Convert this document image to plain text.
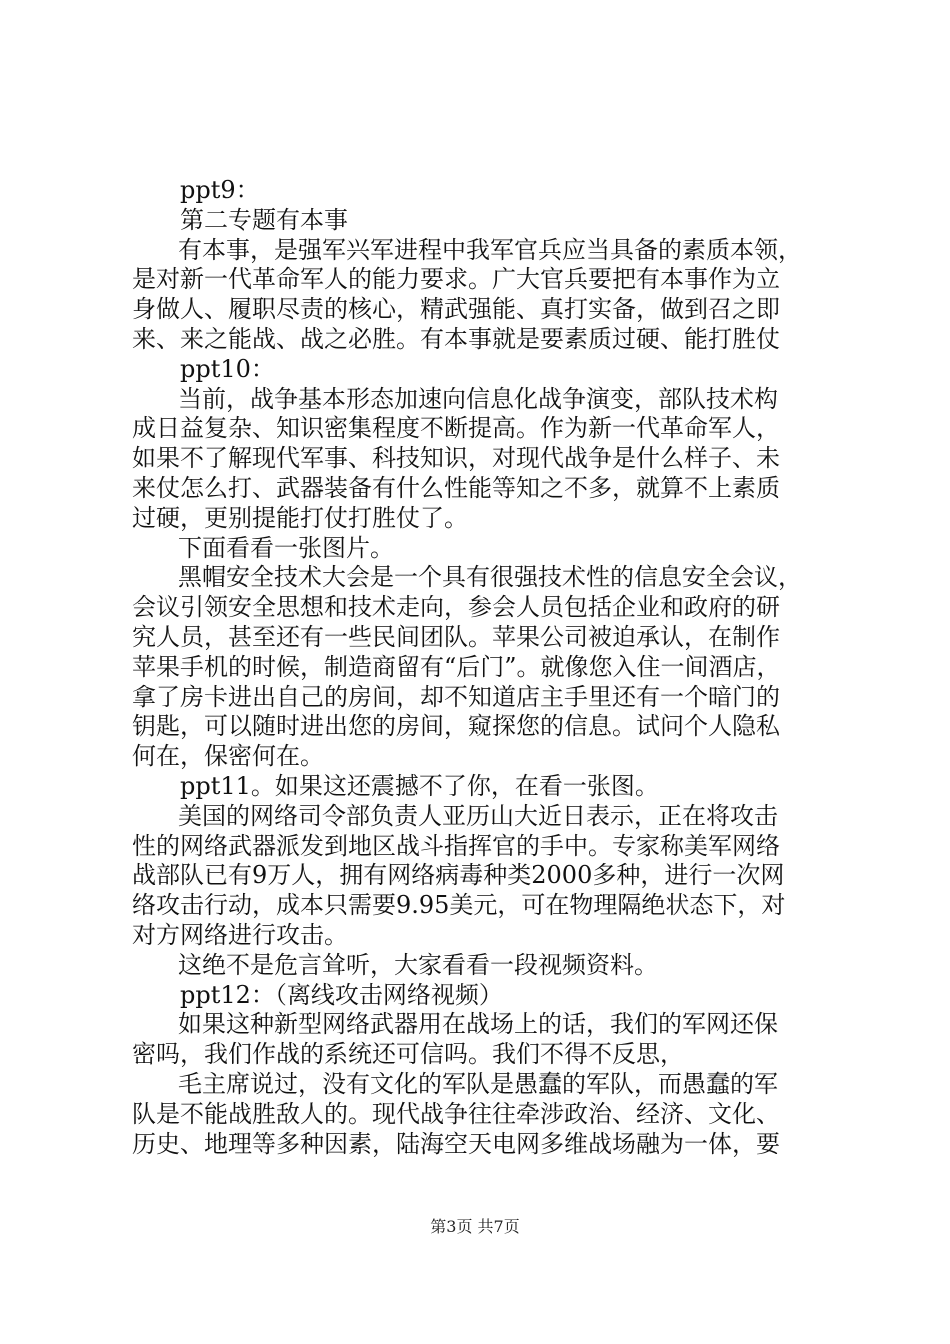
ppt9：
第二专题有本事
有本事，是强军兴军进程中我军官兵应当具备的素质本领，
是对新一代革命军人的能力要求。广大官兵要把有本事作为立
身做人、履职尽责的核心，精武强能、真打实备，做到召之即
来、来之能战、战之必胜。有本事就是要素质过硬、能打胜仗
ppt10：
当前，战争基本形态加速向信息化战争演变，部队技术构
成日益复杂、知识密集程度不断提高。作为新一代革命军人，
如果不了解现代军事、科技知识，对现代战争是什么样子、未
来仗怎么打、武器装备有什么性能等知之不多，就算不上素质
过硬，更别提能打仗打胜仗了。
下面看看一张图片。
黑帽安全技术大会是一个具有很强技术性的信息安全会议，
会议引领安全思想和技术走向，参会人员包括企业和政府的研
究人员，甚至还有一些民间团队。苹果公司被迫承认，在制作
苹果手机的时候，制造商留有“后门”。就像您入住一间酒店，
拿了房卡进出自己的房间，却不知道店主手里还有一个暗门的
钥匙，可以随时进出您的房间，窥探您的信息。试问个人隐私
何在，保密何在。
ppt11。如果这还震撼不了你，在看一张图。
美国的网络司令部负责人亚历山大近日表示，正在将攻击
性的网络武器派发到地区战斗指挥官的手中。专家称美军网络
战部队已有9万人，拥有网络病毒种类2000多种，进行一次网
络攻击行动，成本只需要9.95美元，可在物理隔绝状态下，对
对方网络进行攻击。
这绝不是危言耸听，大家看看一段视频资料。
ppt12：（离线攻击网络视频）
如果这种新型网络武器用在战场上的话，我们的军网还保
密吗，我们作战的系统还可信吗。我们不得不反思，
毛主席说过，没有文化的军队是愚蠢的军队，而愚蠢的军
队是不能战胜敌人的。现代战争往往牵涉政治、经济、文化、
历史、地理等多种因素，陆海空天电网多维战场融为一体，要
第3页 共7页
